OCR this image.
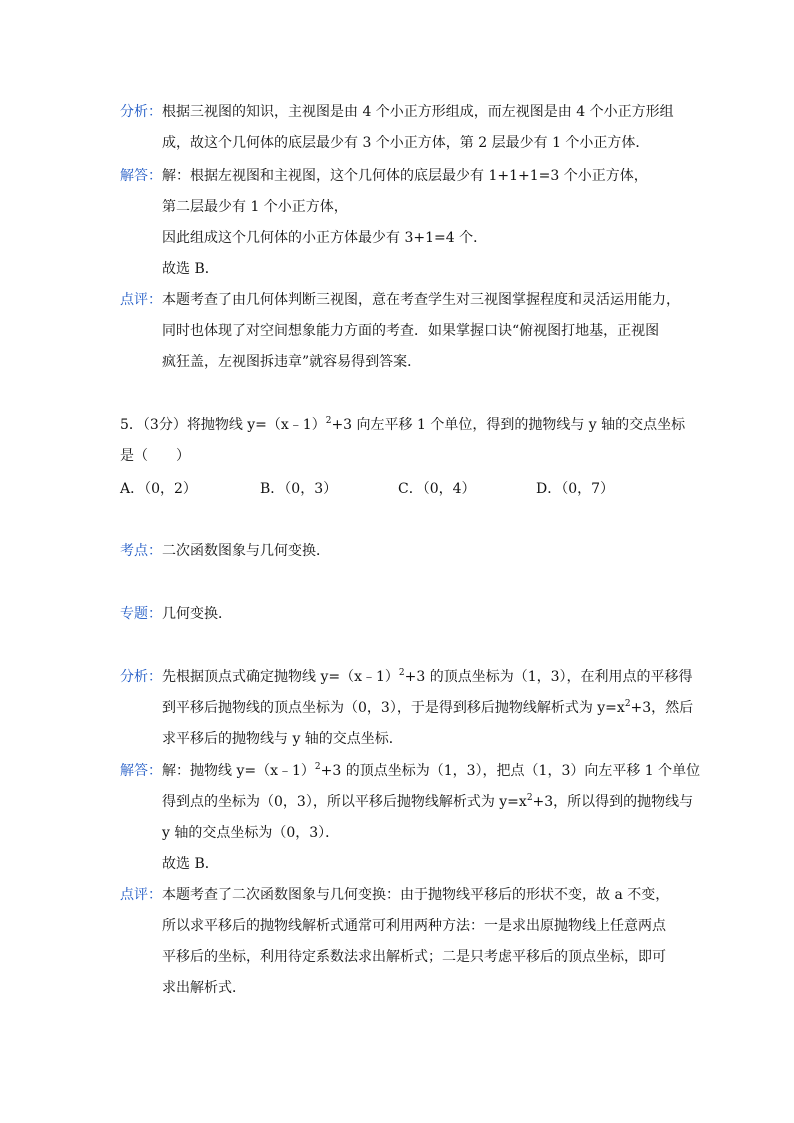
分析：根据三视图的知识，主视图是由 4 个小正方形组成，而左视图是由 4 个小正方形组
成，故这个几何体的底层最少有 3 个小正方体，第 2 层最少有 1 个小正方体．
解答：解：根据左视图和主视图，这个几何体的底层最少有 1+1+1=3 个小正方体，
第二层最少有 1 个小正方体，
因此组成这个几何体的小正方体最少有 3+1=4 个．
故选 B．
点评：本题考查了由几何体判断三视图，意在考查学生对三视图掌握程度和灵活运用能力，
同时也体现了对空间想象能力方面的考查．如果掌握口诀“俯视图打地基，正视图
疯狂盖，左视图拆违章”就容易得到答案．
5．（3分）将抛物线 y=（x﹣1）$^2$+3 向左平移 1 个单位，得到的抛物线与 y 轴的交点坐标
是（　　）
A．（0，2）	B．（0，3）	C．（0，4）	D．（0，7）
考点：二次函数图象与几何变换．
专题：几何变换．
分析：先根据顶点式确定抛物线 y=（x﹣1）$^2$+3 的顶点坐标为（1，3），在利用点的平移得
到平移后抛物线的顶点坐标为（0，3），于是得到移后抛物线解析式为 $y=x^2+3$，然后
求平移后的抛物线与 y 轴的交点坐标．
解答：解：抛物线 y=（x﹣1）$^2$+3 的顶点坐标为（1，3），把点（1，3）向左平移 1 个单位
得到点的坐标为（0，3），所以平移后抛物线解析式为 $y=x^2+3$，所以得到的抛物线与
y 轴的交点坐标为（0，3）．
故选 B．
点评：本题考查了二次函数图象与几何变换：由于抛物线平移后的形状不变，故 a 不变，
所以求平移后的抛物线解析式通常可利用两种方法：一是求出原抛物线上任意两点
平移后的坐标，利用待定系数法求出解析式；二是只考虑平移后的顶点坐标，即可
求出解析式．
